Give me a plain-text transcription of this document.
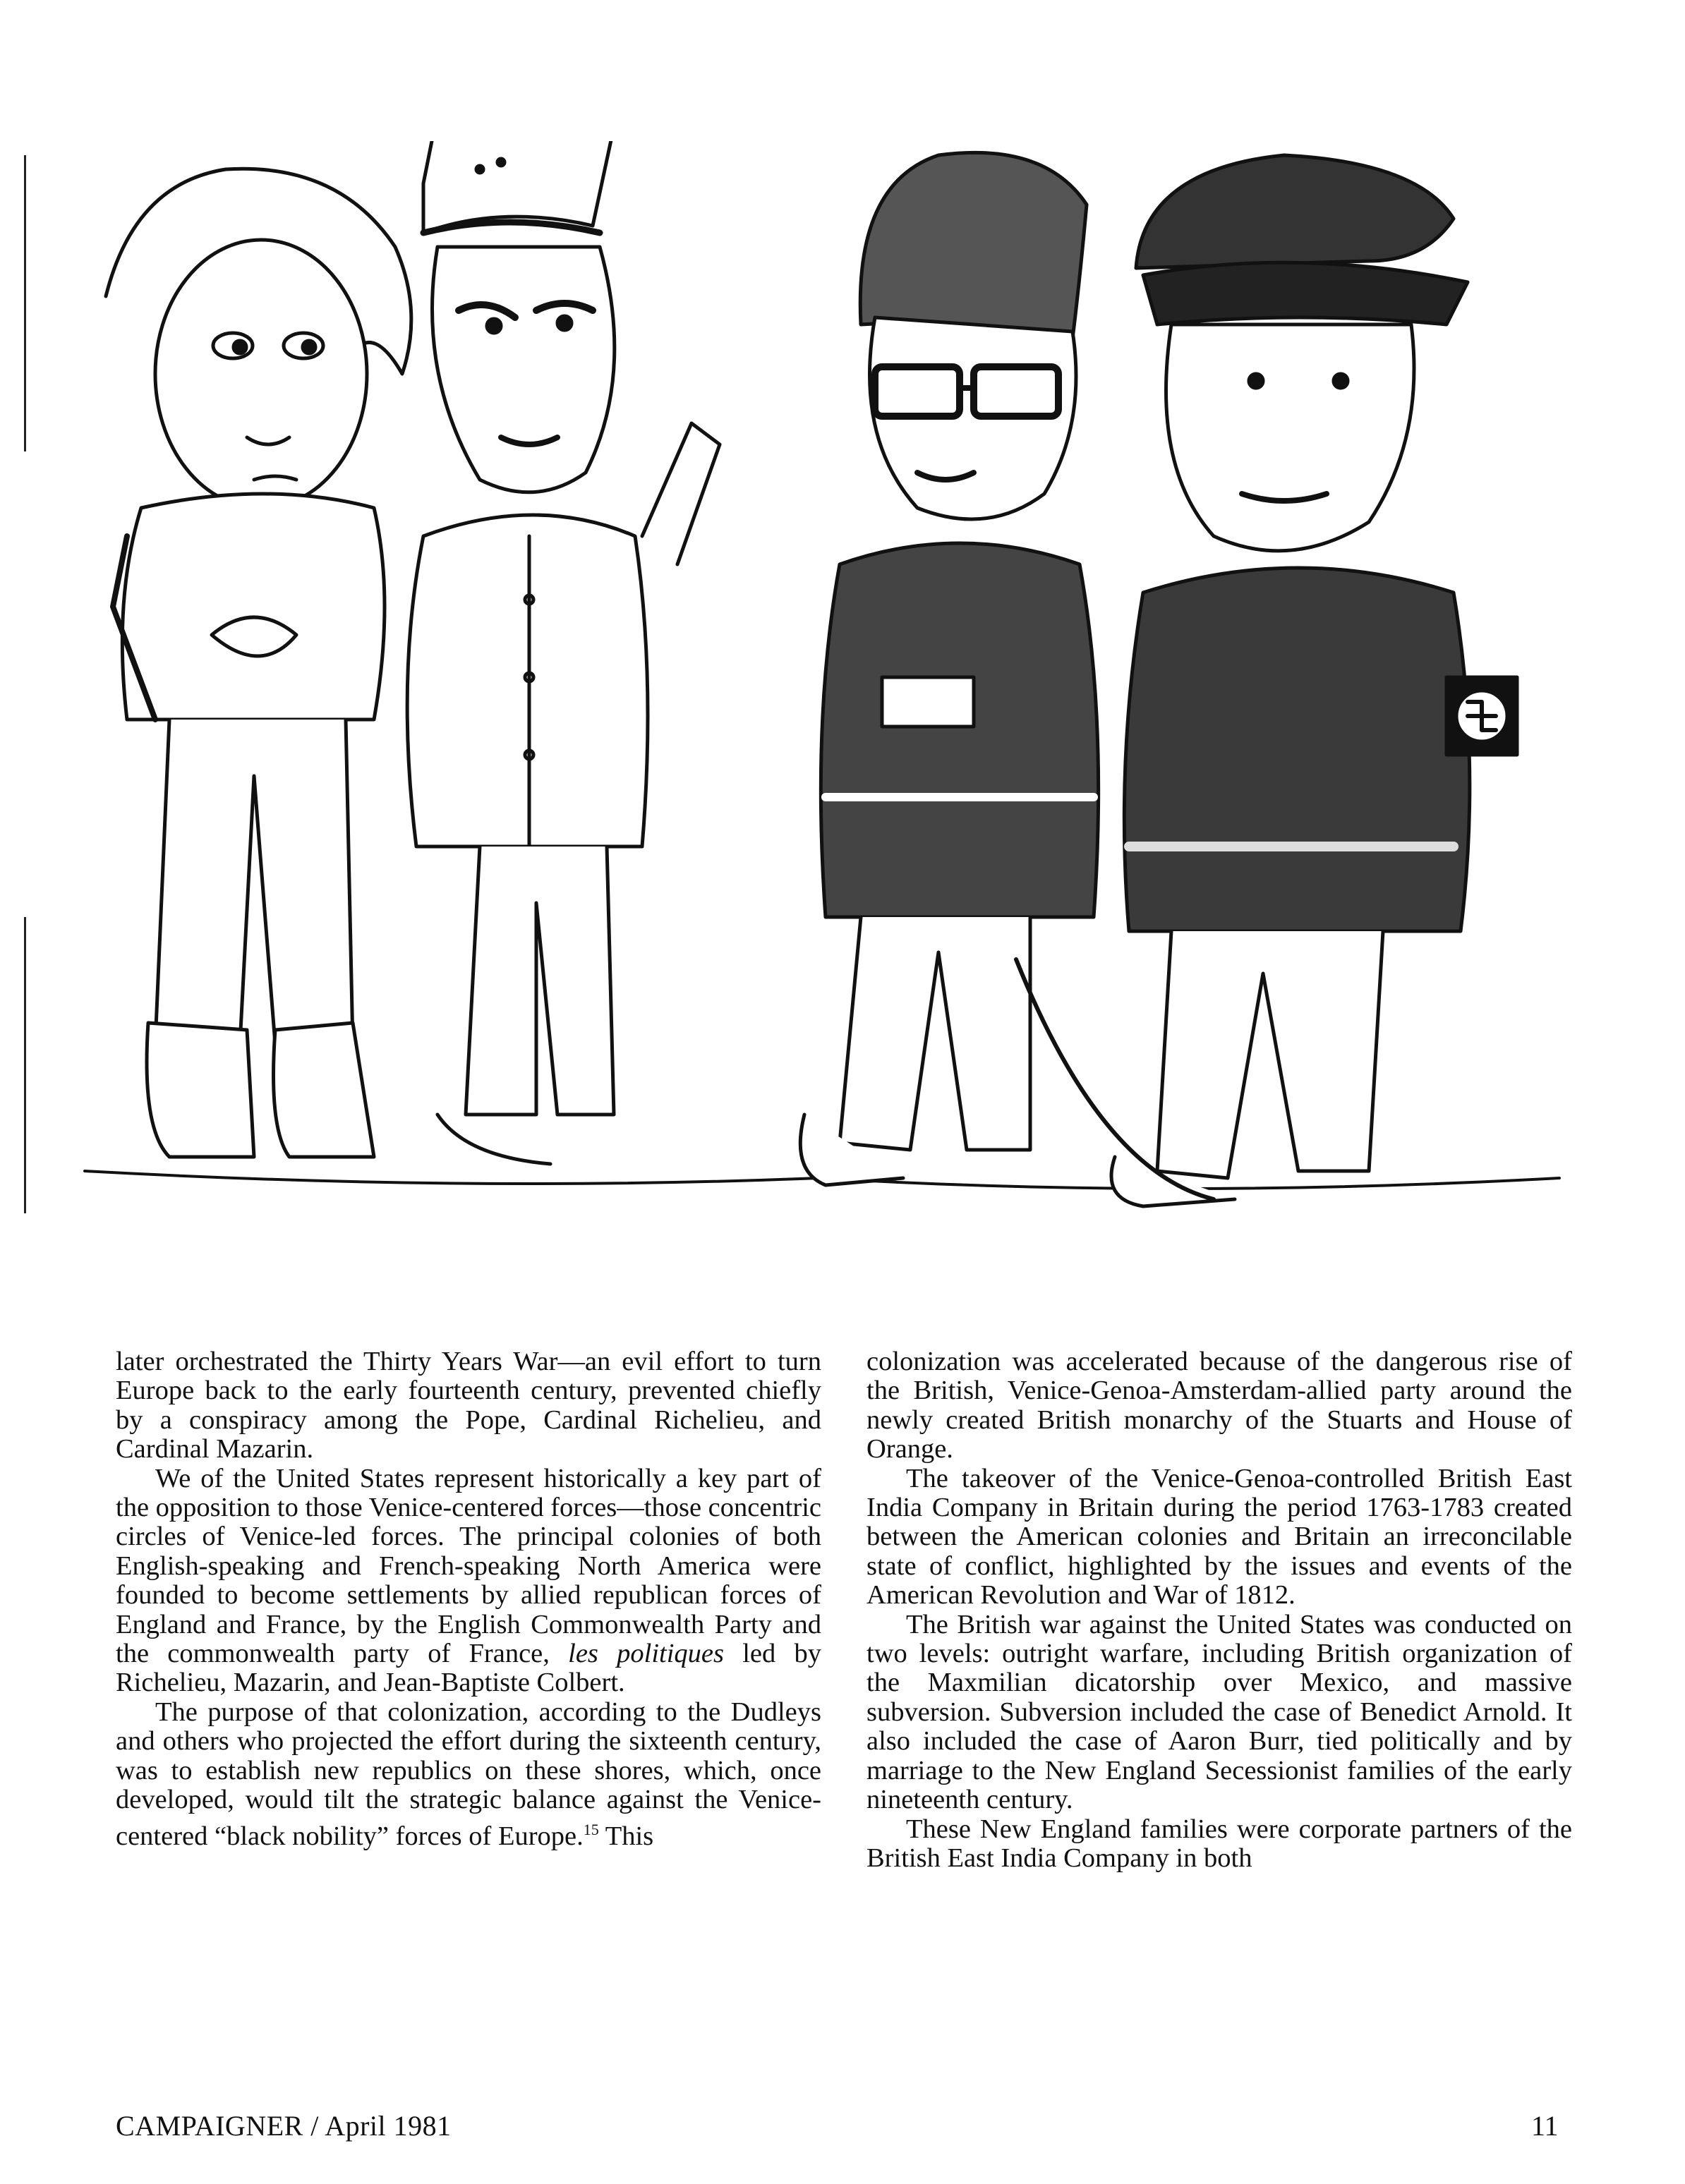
later orchestrated the Thirty Years War—an evil effort to turn Europe back to the early fourteenth century, prevented chiefly by a conspiracy among the Pope, Cardinal Richelieu, and Cardinal Mazarin.

We of the United States represent historically a key part of the opposition to those Venice-centered forces—those concentric circles of Venice-led forces. The principal colonies of both English-speaking and French-speaking North America were founded to become settlements by allied republican forces of England and France, by the English Commonwealth Party and the commonwealth party of France, les politiques led by Richelieu, Mazarin, and Jean-Baptiste Colbert.

The purpose of that colonization, according to the Dudleys and others who projected the effort during the sixteenth century, was to establish new republics on these shores, which, once developed, would tilt the strategic balance against the Venice-centered “black nobility” forces of Europe.$^{15}$ This

colonization was accelerated because of the dangerous rise of the British, Venice-Genoa-Amsterdam-allied party around the newly created British monarchy of the Stuarts and House of Orange.

The takeover of the Venice-Genoa-controlled British East India Company in Britain during the period 1763-1783 created between the American colonies and Britain an irreconcilable state of conflict, highlighted by the issues and events of the American Revolution and War of 1812.

The British war against the United States was conducted on two levels: outright warfare, including British organization of the Maxmilian dicatorship over Mexico, and massive subversion. Subversion included the case of Benedict Arnold. It also included the case of Aaron Burr, tied politically and by marriage to the New England Secessionist families of the early nineteenth century.

These New England families were corporate partners of the British East India Company in both

CAMPAIGNER / April 1981	11
